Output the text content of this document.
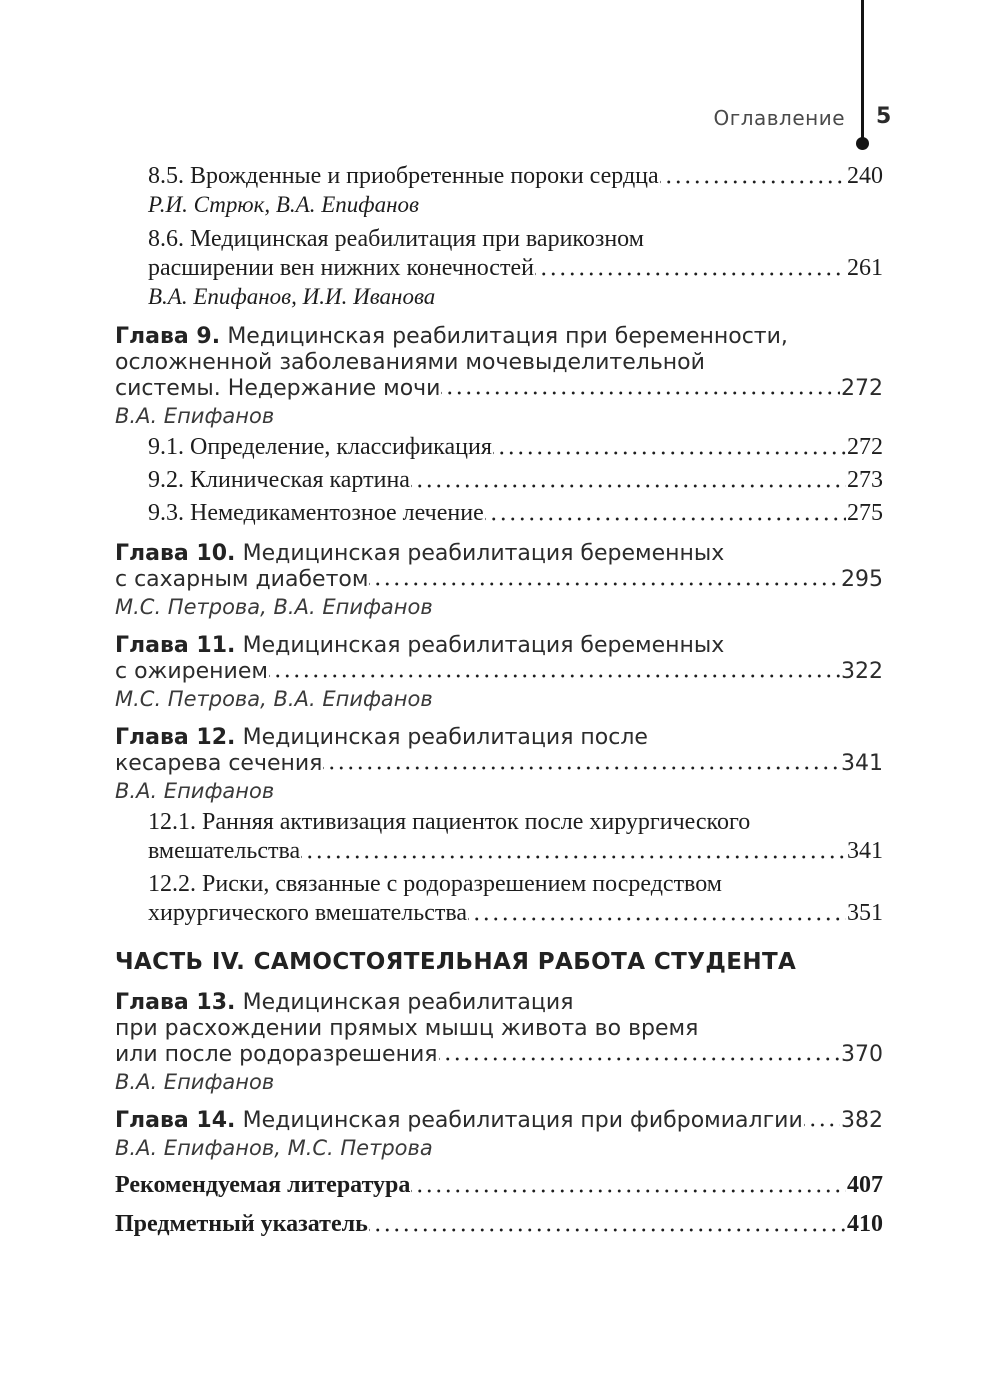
Оглавление 5
8.5. Врожденные и приобретенные пороки сердца	240
Р.И. Стрюк, В.А. Епифанов
8.6. Медицинская реабилитация при варикозном
расширении вен нижних конечностей	261
В.А. Епифанов, И.И. Иванова
Глава 9. Медицинская реабилитация при беременности,
осложненной заболеваниями мочевыделительной
системы. Недержание мочи	272
В.А. Епифанов
9.1. Определение, классификация	272
9.2. Клиническая картина	273
9.3. Немедикаментозное лечение	275
Глава 10. Медицинская реабилитация беременных
с сахарным диабетом	295
М.С. Петрова, В.А. Епифанов
Глава 11. Медицинская реабилитация беременных
с ожирением	322
М.С. Петрова, В.А. Епифанов
Глава 12. Медицинская реабилитация после
кесарева сечения	341
В.А. Епифанов
12.1. Ранняя активизация пациенток после хирургического
вмешательства	341
12.2. Риски, связанные с родоразрешением посредством
хирургического вмешательства	351
ЧАСТЬ IV. САМОСТОЯТЕЛЬНАЯ РАБОТА СТУДЕНТА
Глава 13. Медицинская реабилитация
при расхождении прямых мышц живота во время
или после родоразрешения	370
В.А. Епифанов
Глава 14. Медицинская реабилитация при фибромиалгии 382
В.А. Епифанов, М.С. Петрова
Рекомендуемая литература	407
Предметный указатель	410
